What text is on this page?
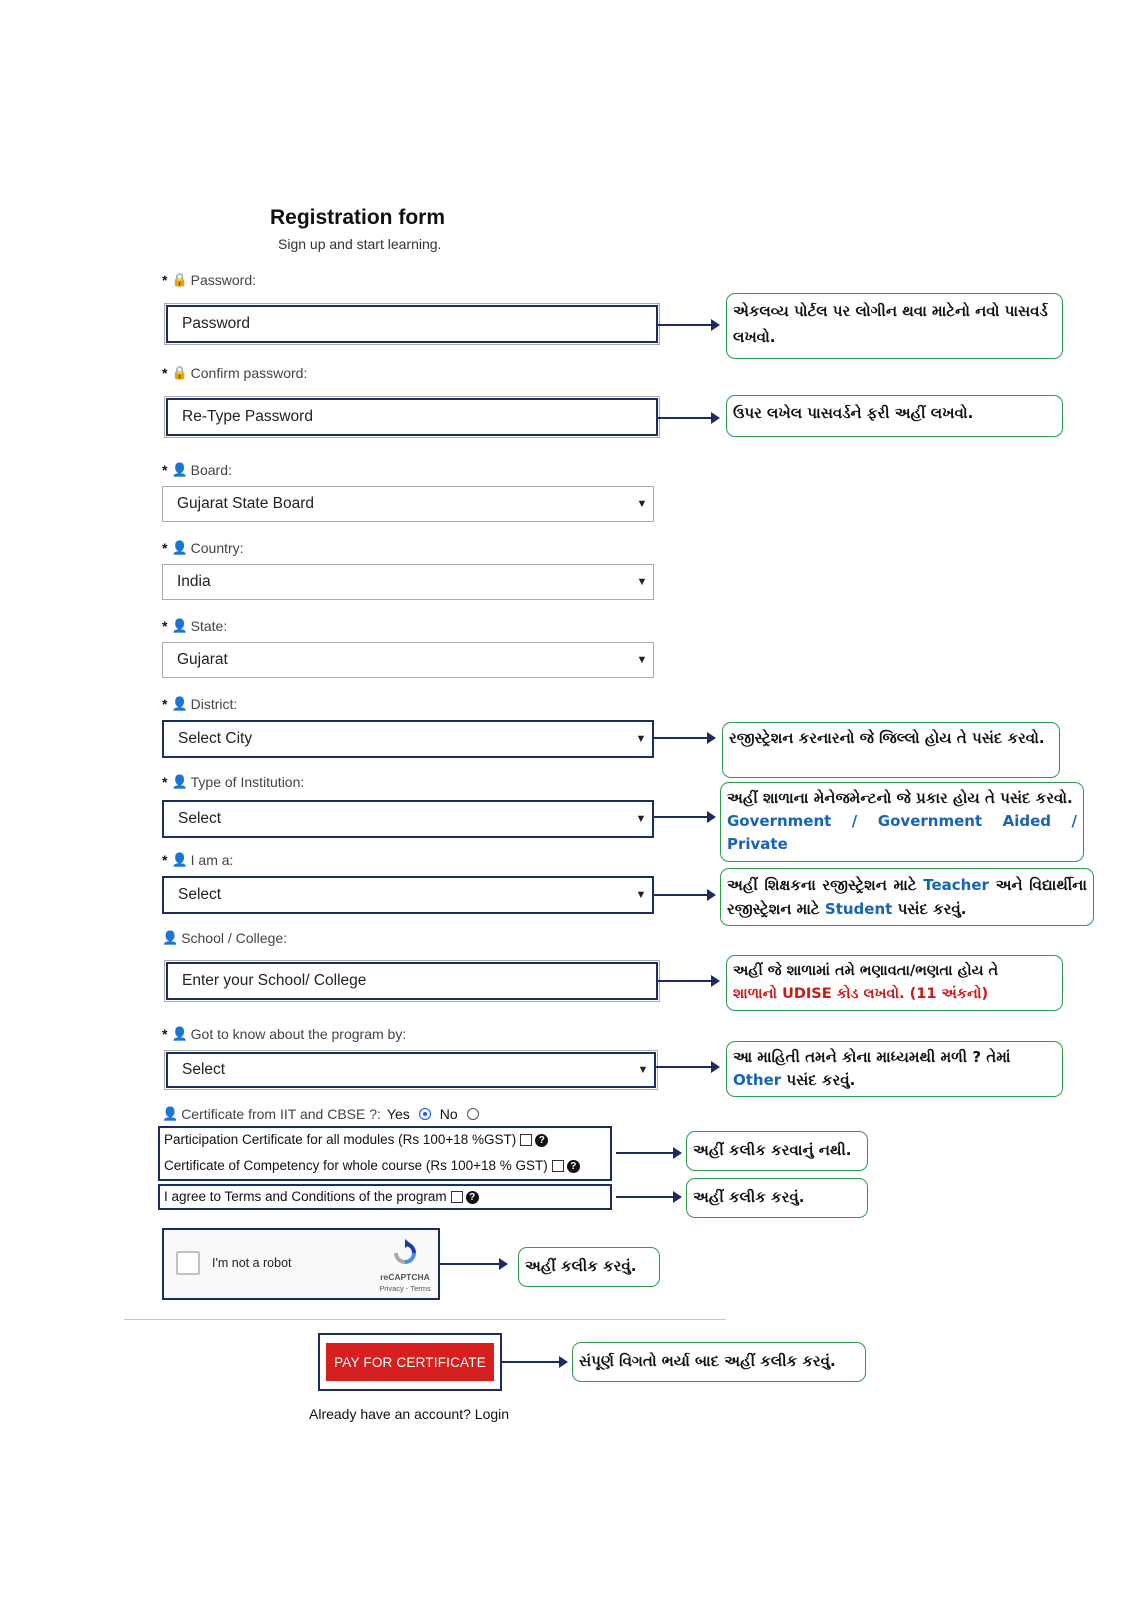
Registration form
Sign up and start learning.
* 🔒 Password:
Password
એકલવ્ય પોર્ટલ પર લોગીન થવા માટેનો નવો પાસવર્ડ લખવો.
* 🔒 Confirm password:
Re-Type Password	ઉપર લખેલ પાસવર્ડને ફરી અહીં લખવો.
* 👤 Board:
Gujarat State Board	▼
* 👤 Country:
India	▼
* 👤 State:
Gujarat	▼
* 👤 District:
Select City	▼	રજીસ્ટ્રેશન કરનારનો જે જિલ્લો હોય તે પસંદ કરવો.
* 👤 Type of Institution:
Select	▼
અહીં શાળાના મેનેજમેન્ટનો જે પ્રકાર હોય તે પસંદ કરવો.
Government / Government Aided / Private
* 👤 I am a:
Select	▼
અહીં શિક્ષકના રજીસ્ટ્રેશન માટે Teacher અને વિદ્યાર્થીના રજીસ્ટ્રેશન માટે Student પસંદ કરવું.
👤 School / College:
Enter your School/ College
અહીં જે શાળામાં તમે ભણાવતા/ભણતા હોય તે
શાળાનો UDISE કોડ લખવો. (11 અંકનો)
* 👤 Got to know about the program by:
Select	▼
આ માહિતી તમને કોના માધ્યમથી મળી ? તેમાં
Other પસંદ કરવું.
👤 Certificate from IIT and CBSE ?: Yes No
Participation Certificate for all modules (Rs 100+18 %GST) ?
Certificate of Competency for whole course (Rs 100+18 % GST) ?
અહીં કલીક કરવાનું નથી.
I agree to Terms and Conditions of the program ?	અહીં કલીક કરવું.
I'm not a robot
reCAPTCHA
Privacy - Terms
અહીં કલીક કરવું.
PAY FOR CERTIFICATE	સંપૂર્ણ વિગતો ભર્યા બાદ અહીં કલીક કરવું.
Already have an account? Login
